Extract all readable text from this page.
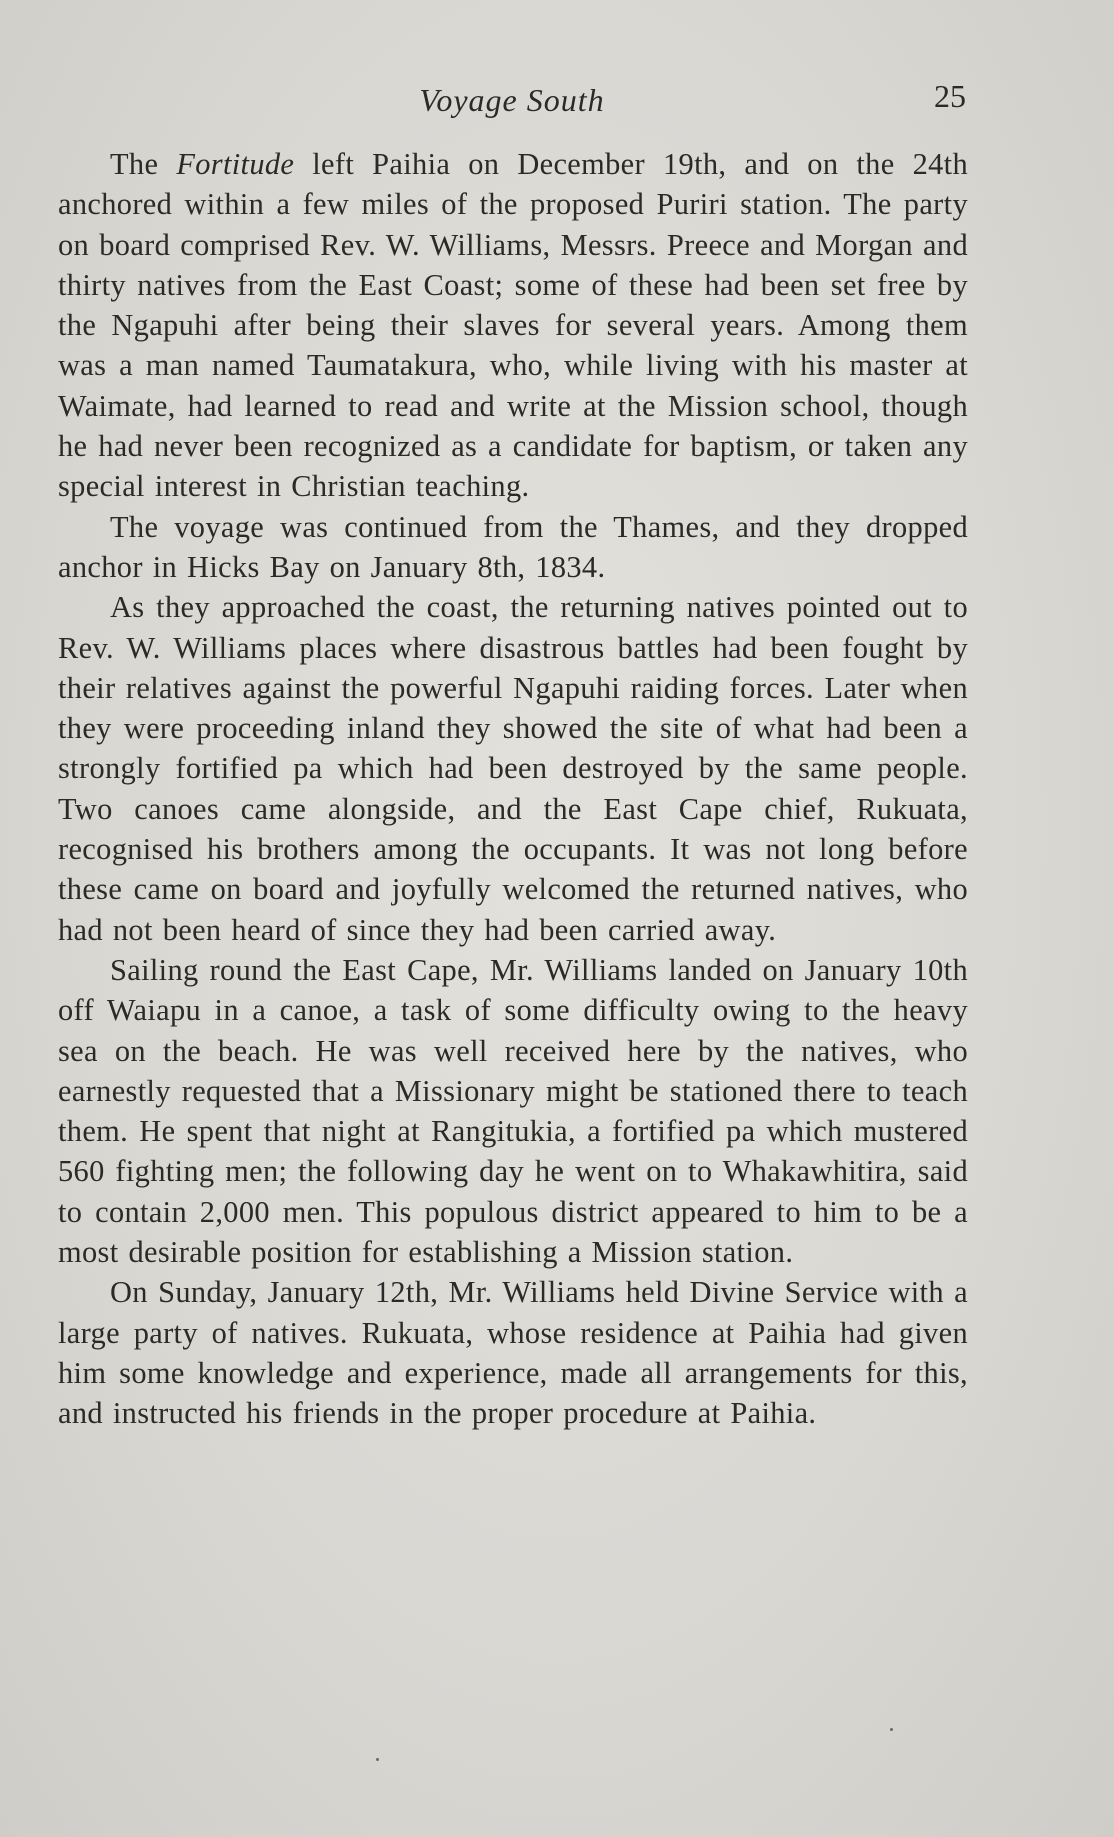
Voyage South	25

The Fortitude left Paihia on December 19th, and on the 24th anchored within a few miles of the proposed Puriri station. The party on board comprised Rev. W. Williams, Messrs. Preece and Morgan and thirty natives from the East Coast; some of these had been set free by the Ngapuhi after being their slaves for several years. Among them was a man named Taumatakura, who, while living with his master at Waimate, had learned to read and write at the Mission school, though he had never been recognized as a candidate for baptism, or taken any special interest in Christian teaching.

The voyage was continued from the Thames, and they dropped anchor in Hicks Bay on January 8th, 1834.

As they approached the coast, the returning natives pointed out to Rev. W. Williams places where disastrous battles had been fought by their relatives against the powerful Ngapuhi raiding forces. Later when they were proceeding inland they showed the site of what had been a strongly fortified pa which had been destroyed by the same people. Two canoes came alongside, and the East Cape chief, Rukuata, recognised his brothers among the occupants. It was not long before these came on board and joyfully welcomed the returned natives, who had not been heard of since they had been carried away.

Sailing round the East Cape, Mr. Williams landed on January 10th off Waiapu in a canoe, a task of some difficulty owing to the heavy sea on the beach. He was well received here by the natives, who earnestly requested that a Missionary might be stationed there to teach them. He spent that night at Rangitukia, a fortified pa which mustered 560 fighting men; the following day he went on to Whakawhitira, said to contain 2,000 men. This populous district appeared to him to be a most desirable position for establishing a Mission station.

On Sunday, January 12th, Mr. Williams held Divine Service with a large party of natives. Rukuata, whose residence at Paihia had given him some knowledge and experience, made all arrangements for this, and instructed his friends in the proper procedure at Paihia.
